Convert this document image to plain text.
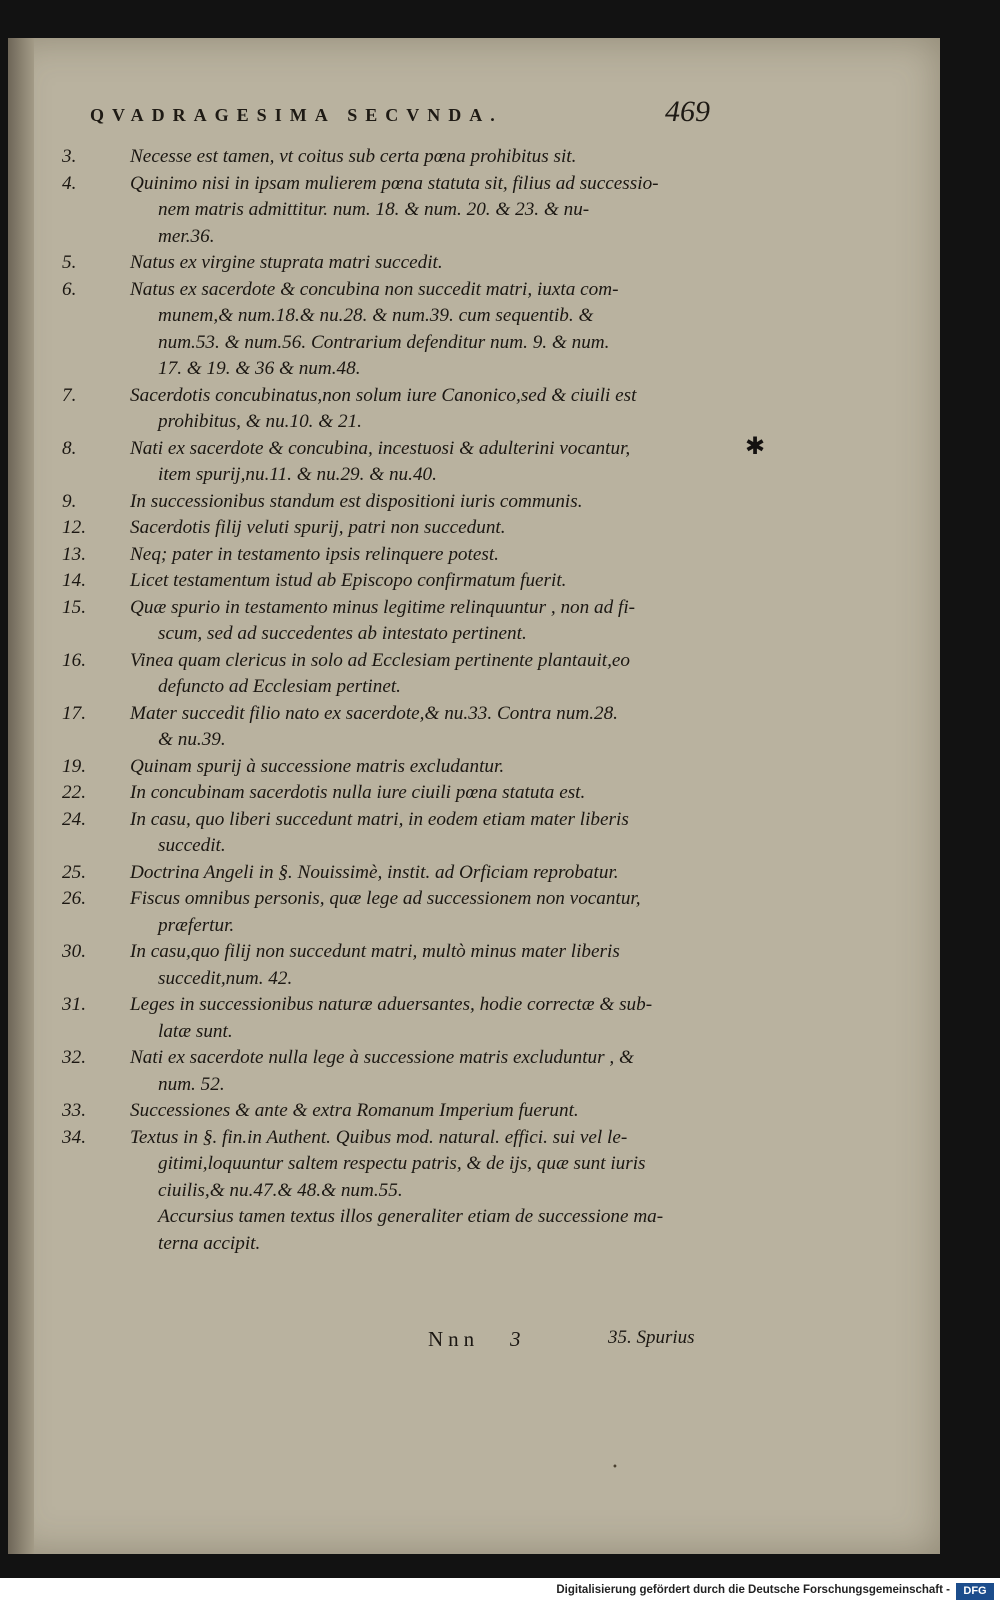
QVADRAGESIMA SECVNDA.	469
3.	Necesse est tamen, vt coitus sub certa pœna prohibitus sit.
4.	Quinimo nisi in ipsam mulierem pœna statuta sit, filius ad successio-
nem matris admittitur. num. 18. & num. 20. & 23. & nu-
mer.36.
5.	Natus ex virgine stuprata matri succedit.
6.	Natus ex sacerdote & concubina non succedit matri, iuxta com-
munem,& num.18.& nu.28. & num.39. cum sequentib. &
num.53. & num.56. Contrarium defenditur num. 9. & num.
17. & 19. & 36 & num.48.
7.	Sacerdotis concubinatus,non solum iure Canonico,sed & ciuili est
prohibitus, & nu.10. & 21.
8.	Nati ex sacerdote & concubina, incestuosi & adulterini vocantur,
item spurij,nu.11. & nu.29. & nu.40.
9.	In successionibus standum est dispositioni iuris communis.
12.	Sacerdotis filij veluti spurij, patri non succedunt.
13.	Neq; pater in testamento ipsis relinquere potest.
14.	Licet testamentum istud ab Episcopo confirmatum fuerit.
15.	Quæ spurio in testamento minus legitime relinquuntur , non ad fi-
scum, sed ad succedentes ab intestato pertinent.
16.	Vinea quam clericus in solo ad Ecclesiam pertinente plantauit,eo
defuncto ad Ecclesiam pertinet.
17.	Mater succedit filio nato ex sacerdote,& nu.33. Contra num.28.
& nu.39.
19.	Quinam spurij à successione matris excludantur.
22.	In concubinam sacerdotis nulla iure ciuili pœna statuta est.
24.	In casu, quo liberi succedunt matri, in eodem etiam mater liberis
succedit.
25.	Doctrina Angeli in §. Nouissimè, instit. ad Orficiam reprobatur.
26.	Fiscus omnibus personis, quæ lege ad successionem non vocantur,
præfertur.
30.	In casu,quo filij non succedunt matri, multò minus mater liberis
succedit,num. 42.
31.	Leges in successionibus naturæ aduersantes, hodie correctæ & sub-
latæ sunt.
32.	Nati ex sacerdote nulla lege à successione matris excluduntur , &
num. 52.
33.	Successiones & ante & extra Romanum Imperium fuerunt.
34.	Textus in §. fin.in Authent. Quibus mod. natural. effici. sui vel le-
gitimi,loquuntur saltem respectu patris, & de ijs, quæ sunt iuris
ciuilis,& nu.47.& 48.& num.55.
Accursius tamen textus illos generaliter etiam de successione ma-
terna accipit.
✱
•
Nnn 3	35. Spurius
Digitalisierung gefördert durch die Deutsche Forschungsgemeinschaft -	DFG
